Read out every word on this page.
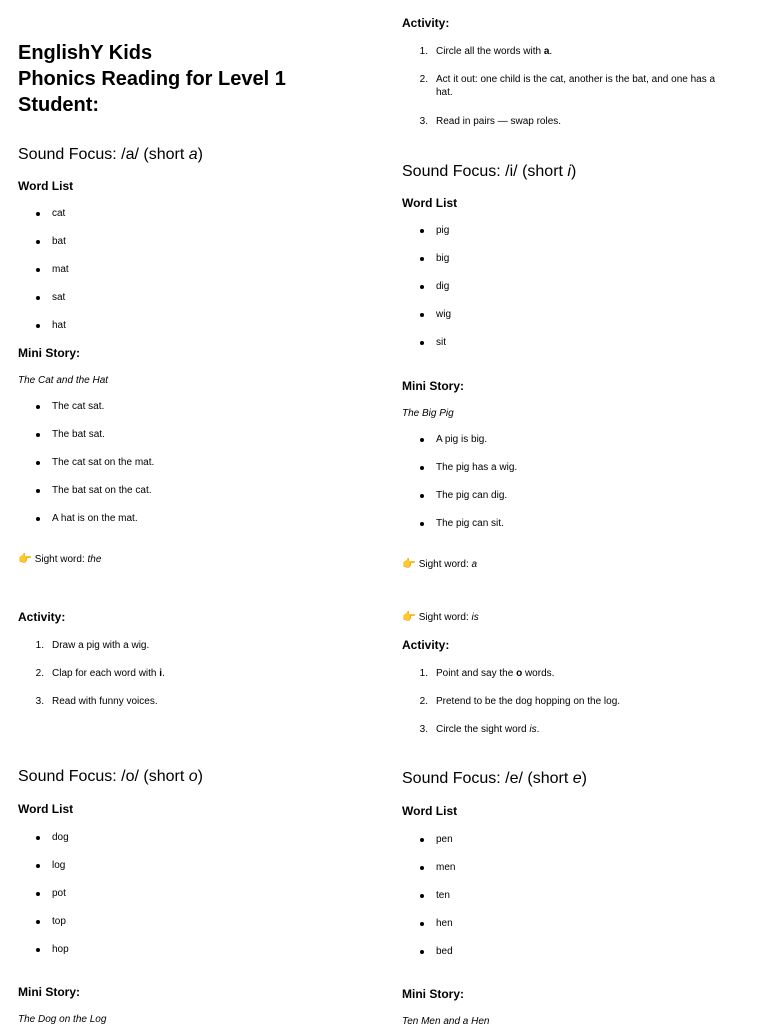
EnglishY Kids
Phonics Reading for Level 1
Student:
Sound Focus: /a/ (short a)
Word List
cat
bat
mat
sat
hat
Mini Story:
The Cat and the Hat
The cat sat.
The bat sat.
The cat sat on the mat.
The bat sat on the cat.
A hat is on the mat.
👉 Sight word: the
Activity:
1. Draw a pig with a wig.
2. Clap for each word with i.
3. Read with funny voices.
Sound Focus: /o/ (short o)
Word List
dog
log
pot
top
hop
Mini Story:
The Dog on the Log
Activity:
1. Circle all the words with a.
2. Act it out: one child is the cat, another is the bat, and one has a
hat.
3. Read in pairs — swap roles.
Sound Focus: /i/ (short i)
Word List
pig
big
dig
wig
sit
Mini Story:
The Big Pig
A pig is big.
The pig has a wig.
The pig can dig.
The pig can sit.
👉 Sight word: a
👉 Sight word: is
Activity:
1. Point and say the o words.
2. Pretend to be the dog hopping on the log.
3. Circle the sight word is.
Sound Focus: /e/ (short e)
Word List
pen
men
ten
hen
bed
Mini Story:
Ten Men and a Hen
